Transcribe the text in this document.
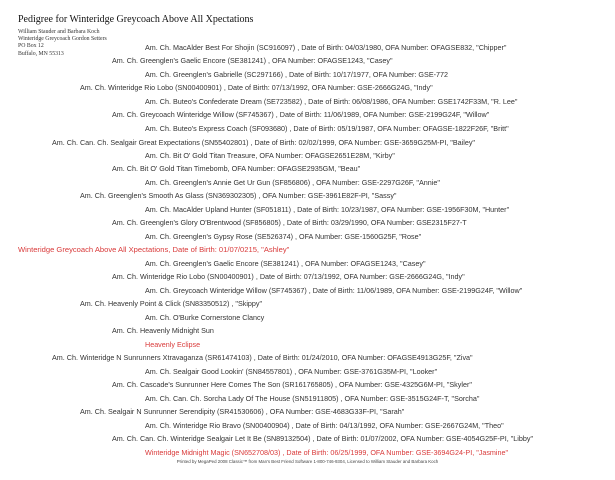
Pedigree for Winteridge Greycoach Above All Xpectations
William Stauder and Barbara Koch
Winteridge Greycoach Gordon Setters
PO Box 12
Buffalo, MN 55313
Am. Ch. MacAlder Best For Shojin (SC916097) , Date of Birth: 04/03/1980, OFA Number: OFAGSE832, "Chipper"
Am. Ch. Greenglen's Gaelic Encore (SE381241) , OFA Number: OFAGSE1243, "Casey"
Am. Ch. Greenglen's Gabrielle (SC297166) , Date of Birth: 10/17/1977, OFA Number: GSE-772
Am. Ch. Winteridge Rio Lobo (SN00400901) , Date of Birth: 07/13/1992, OFA Number: GSE-2666G24G, "Indy"
Am. Ch. Buteo's Confederate Dream (SE723582) , Date of Birth: 06/08/1986, OFA Number: GSE1742F33M, "R. Lee"
Am. Ch. Greycoach Winteridge Willow (SF745367) , Date of Birth: 11/06/1989, OFA Number: GSE-2199G24F, "Willow"
Am. Ch. Buteo's Express Coach (SF093680) , Date of Birth: 05/19/1987, OFA Number: OFAGSE-1822F26F, "Britt"
Am. Ch. Can. Ch. Sealgair Great Expectations (SN55402801) , Date of Birth: 02/02/1999, OFA Number: GSE-3659G25M-PI, "Bailey"
Am. Ch. Bit O' Gold Titan Treasure, OFA Number: OFAGSE2651E28M, "Kirby"
Am. Ch. Bit O' Gold Titan Timebomb, OFA Number: OFAGSE2935GM, "Beau"
Am. Ch. Greenglen's Annie Get Ur Gun (SF856806) , OFA Number: GSE-2297G26F, "Annie"
Am. Ch. Greenglen's Smooth As Glass (SN369302305) , OFA Number: GSE-3961E82F-PI, "Sassy"
Am. Ch. MacAlder Upland Hunter (SF051811) , Date of Birth: 10/23/1987, OFA Number: GSE-1956F30M, "Hunter"
Am. Ch. Greenglen's Glory O'Brentwood (SF856805) , Date of Birth: 03/29/1990, OFA Number: GSE2315F27-T
Am. Ch. Greenglen's Gypsy Rose (SE526374) , OFA Number: GSE-1560G25F, "Rose"
Winteridge Greycoach Above All Xpectations, Date of Birth: 01/07/0215, "Ashley"
Am. Ch. Greenglen's Gaelic Encore (SE381241) , OFA Number: OFAGSE1243, "Casey"
Am. Ch. Winteridge Rio Lobo (SN00400901) , Date of Birth: 07/13/1992, OFA Number: GSE-2666G24G, "Indy"
Am. Ch. Greycoach Winteridge Willow (SF745367) , Date of Birth: 11/06/1989, OFA Number: GSE-2199G24F, "Willow"
Am. Ch. Heavenly Point & Click (SN83350512) , "Skippy"
Am. Ch. O'Burke Cornerstone Clancy
Am. Ch. Heavenly Midnight Sun
Heavenly Eclipse
Am. Ch. Winteridge N Sunrunners Xtravaganza (SR61474103) , Date of Birth: 01/24/2010, OFA Number: OFAGSE4913G25F, "Ziva"
Am. Ch. Sealgair Good Lookin' (SN84557801) , OFA Number: GSE-3761G35M-PI, "Looker"
Am. Ch. Cascade's Sunrunner Here Comes The Son (SR161765805) , OFA Number: GSE-4325G6M-PI, "Skyler"
Am. Ch. Can. Ch. Sorcha Lady Of The House (SN51911805) , OFA Number: GSE-3515G24F-T, "Sorcha"
Am. Ch. Sealgair N Sunrunner Serendipity (SR41530606) , OFA Number: GSE-4683G33F-PI, "Sarah"
Am. Ch. Winteridge Rio Bravo (SN00400904) , Date of Birth: 04/13/1992, OFA Number: GSE-2667G24M, "Theo"
Am. Ch. Can. Ch. Winteridge Sealgair Let It Be (SN89132504) , Date of Birth: 01/07/2002, OFA Number: GSE-4054G25F-PI, "Libby"
Winteridge Midnight Magic (SN652708/03) , Date of Birth: 06/25/1999, OFA Number: GSE-3694G24-PI, "Jasmine"
Printed by MegaPed 2008 Classic™ from Man's Best Friend Software 1-800-746-9304, Licensed to William Stauder and Barbara Koch
